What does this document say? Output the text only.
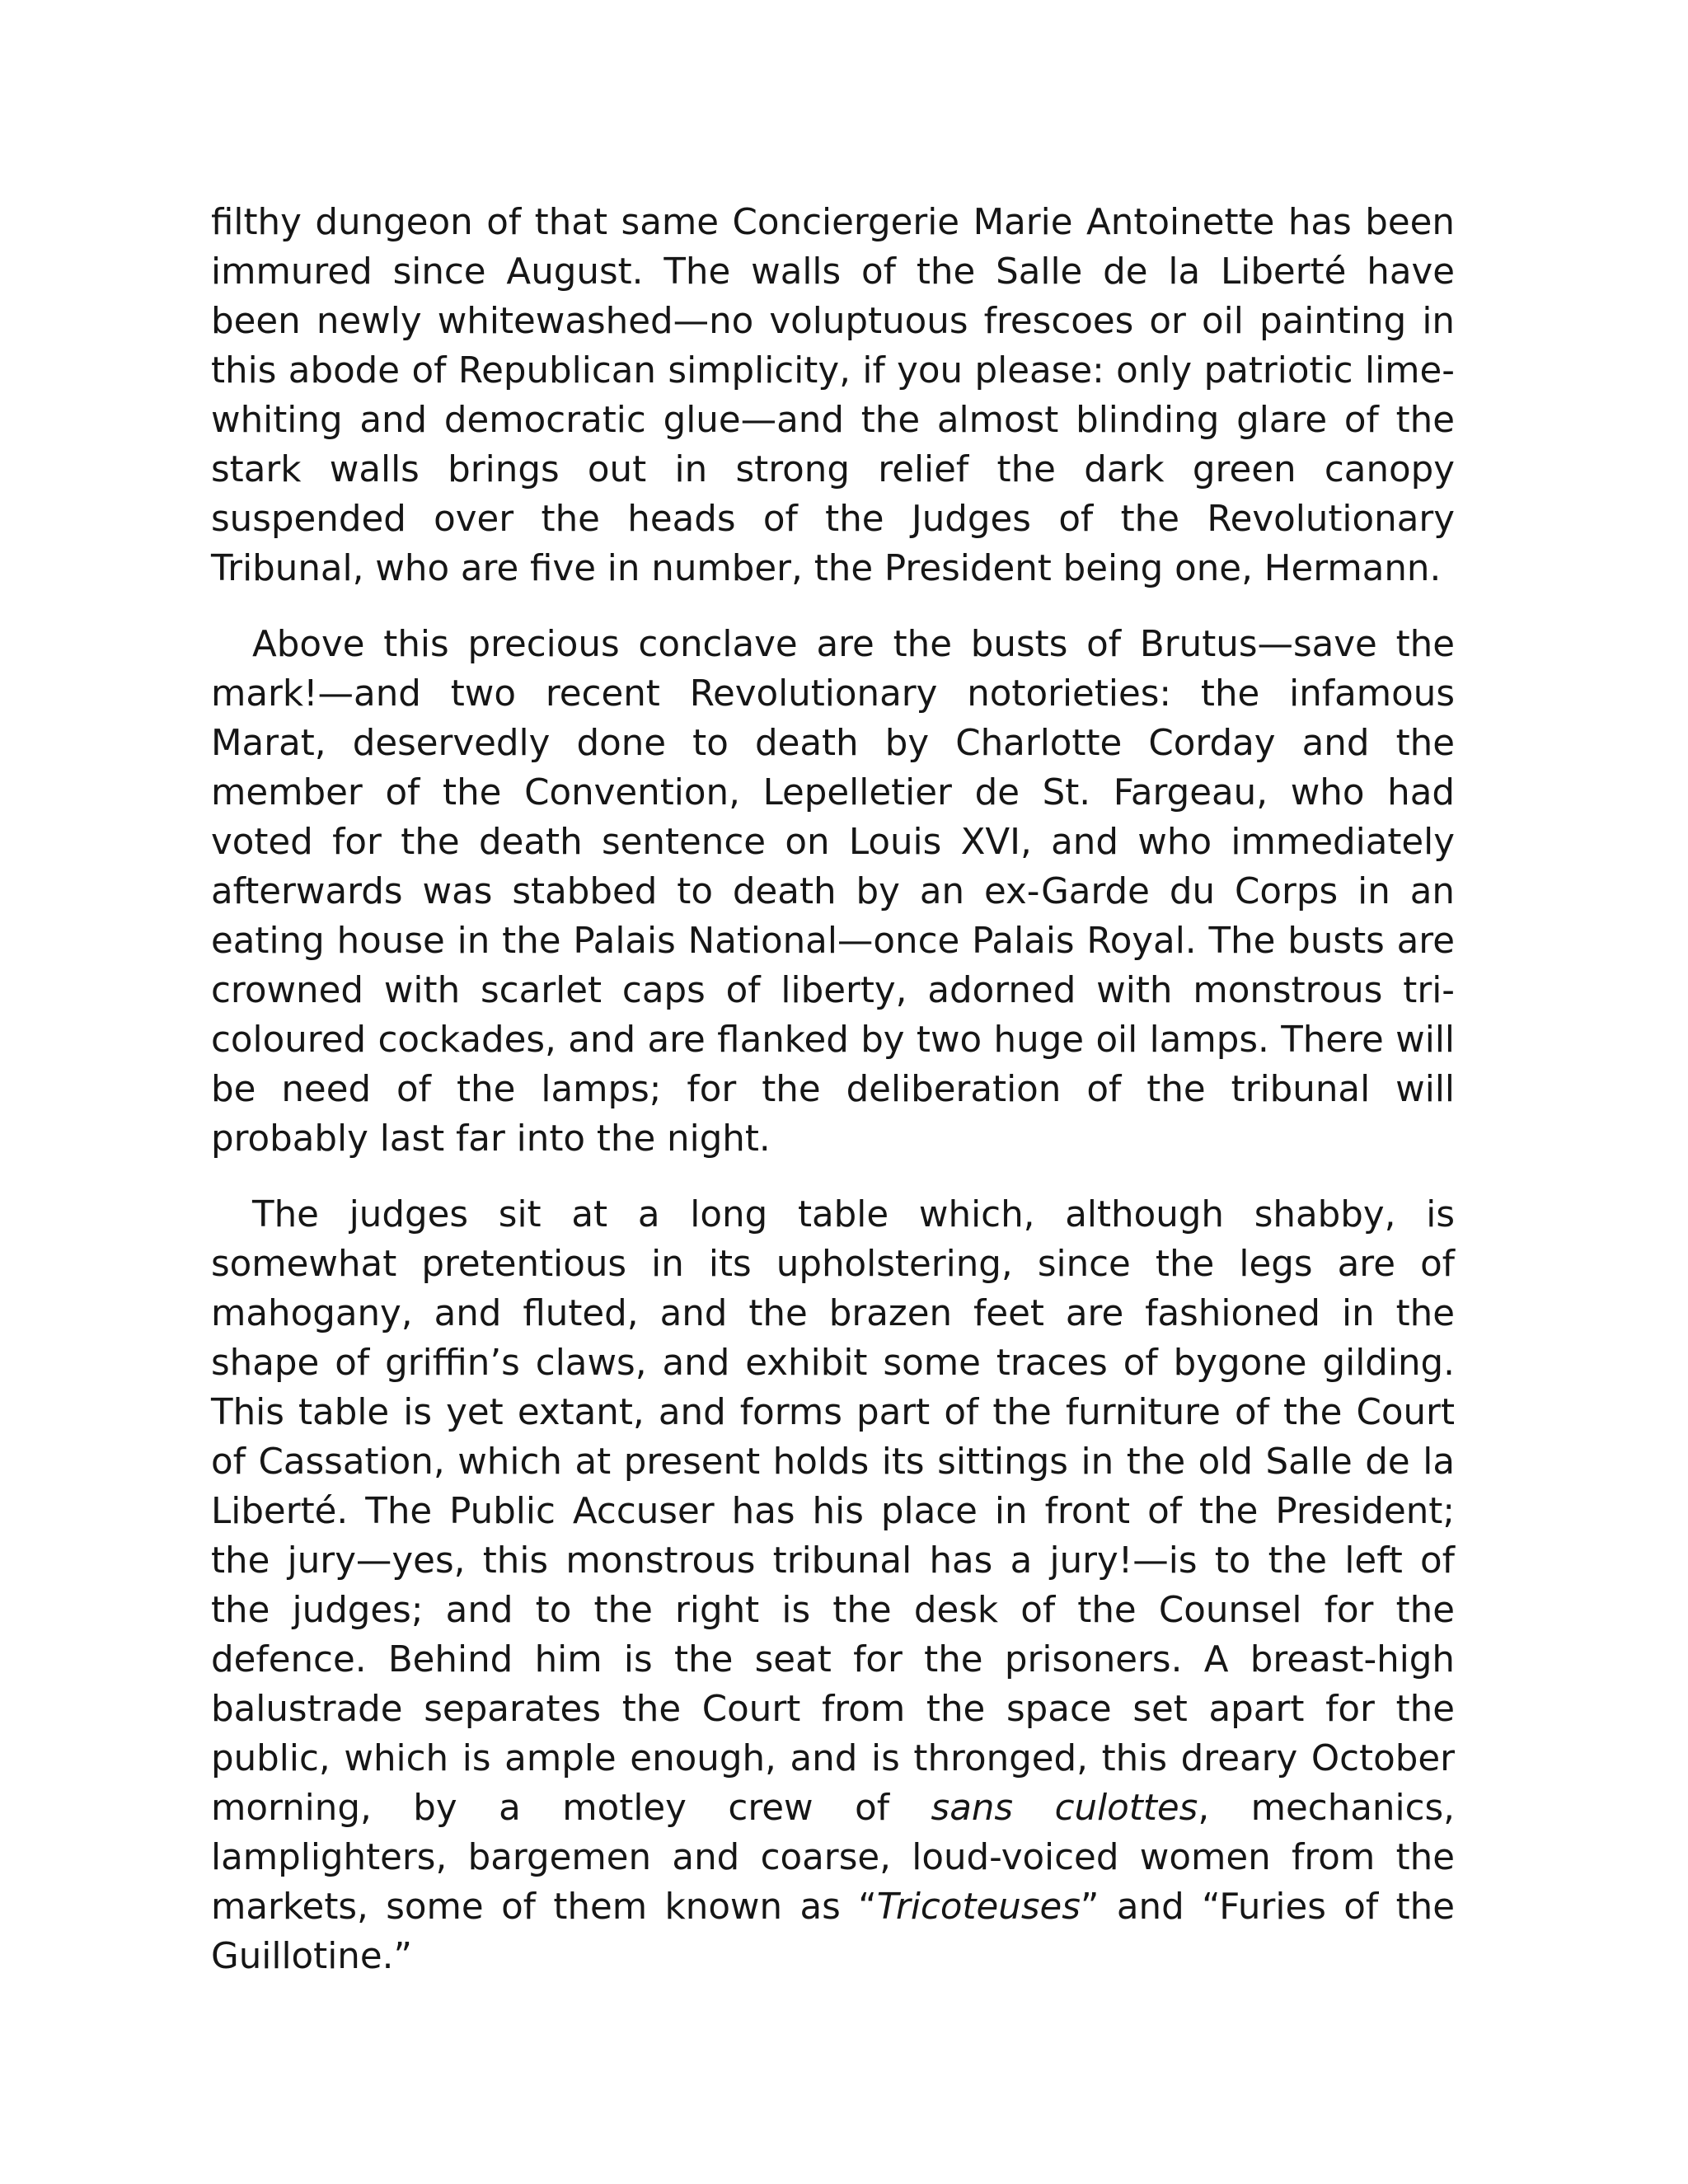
filthy dungeon of that same Conciergerie Marie Antoinette has been immured since August. The walls of the Salle de la Liberté have been newly whitewashed—no voluptuous frescoes or oil painting in this abode of Republican simplicity, if you please: only patriotic lime-whiting and democratic glue—and the almost blinding glare of the stark walls brings out in strong relief the dark green canopy suspended over the heads of the Judges of the Revolutionary Tribunal, who are five in number, the President being one, Hermann.

Above this precious conclave are the busts of Brutus—save the mark!—and two recent Revolutionary notorieties: the infamous Marat, deservedly done to death by Charlotte Corday and the member of the Convention, Lepelletier de St. Fargeau, who had voted for the death sentence on Louis XVI, and who immediately afterwards was stabbed to death by an ex-Garde du Corps in an eating house in the Palais National—once Palais Royal. The busts are crowned with scarlet caps of liberty, adorned with monstrous tri-coloured cockades, and are flanked by two huge oil lamps. There will be need of the lamps; for the deliberation of the tribunal will probably last far into the night.

The judges sit at a long table which, although shabby, is somewhat pretentious in its upholstering, since the legs are of mahogany, and fluted, and the brazen feet are fashioned in the shape of griffin’s claws, and exhibit some traces of bygone gilding. This table is yet extant, and forms part of the furniture of the Court of Cassation, which at present holds its sittings in the old Salle de la Liberté. The Public Accuser has his place in front of the President; the jury—yes, this monstrous tribunal has a jury!—is to the left of the judges; and to the right is the desk of the Counsel for the defence. Behind him is the seat for the prisoners. A breast-high balustrade separates the Court from the space set apart for the public, which is ample enough, and is thronged, this dreary October morning, by a motley crew of sans culottes, mechanics, lamplighters, bargemen and coarse, loud-voiced women from the markets, some of them known as “Tricoteuses” and “Furies of the Guillotine.”
